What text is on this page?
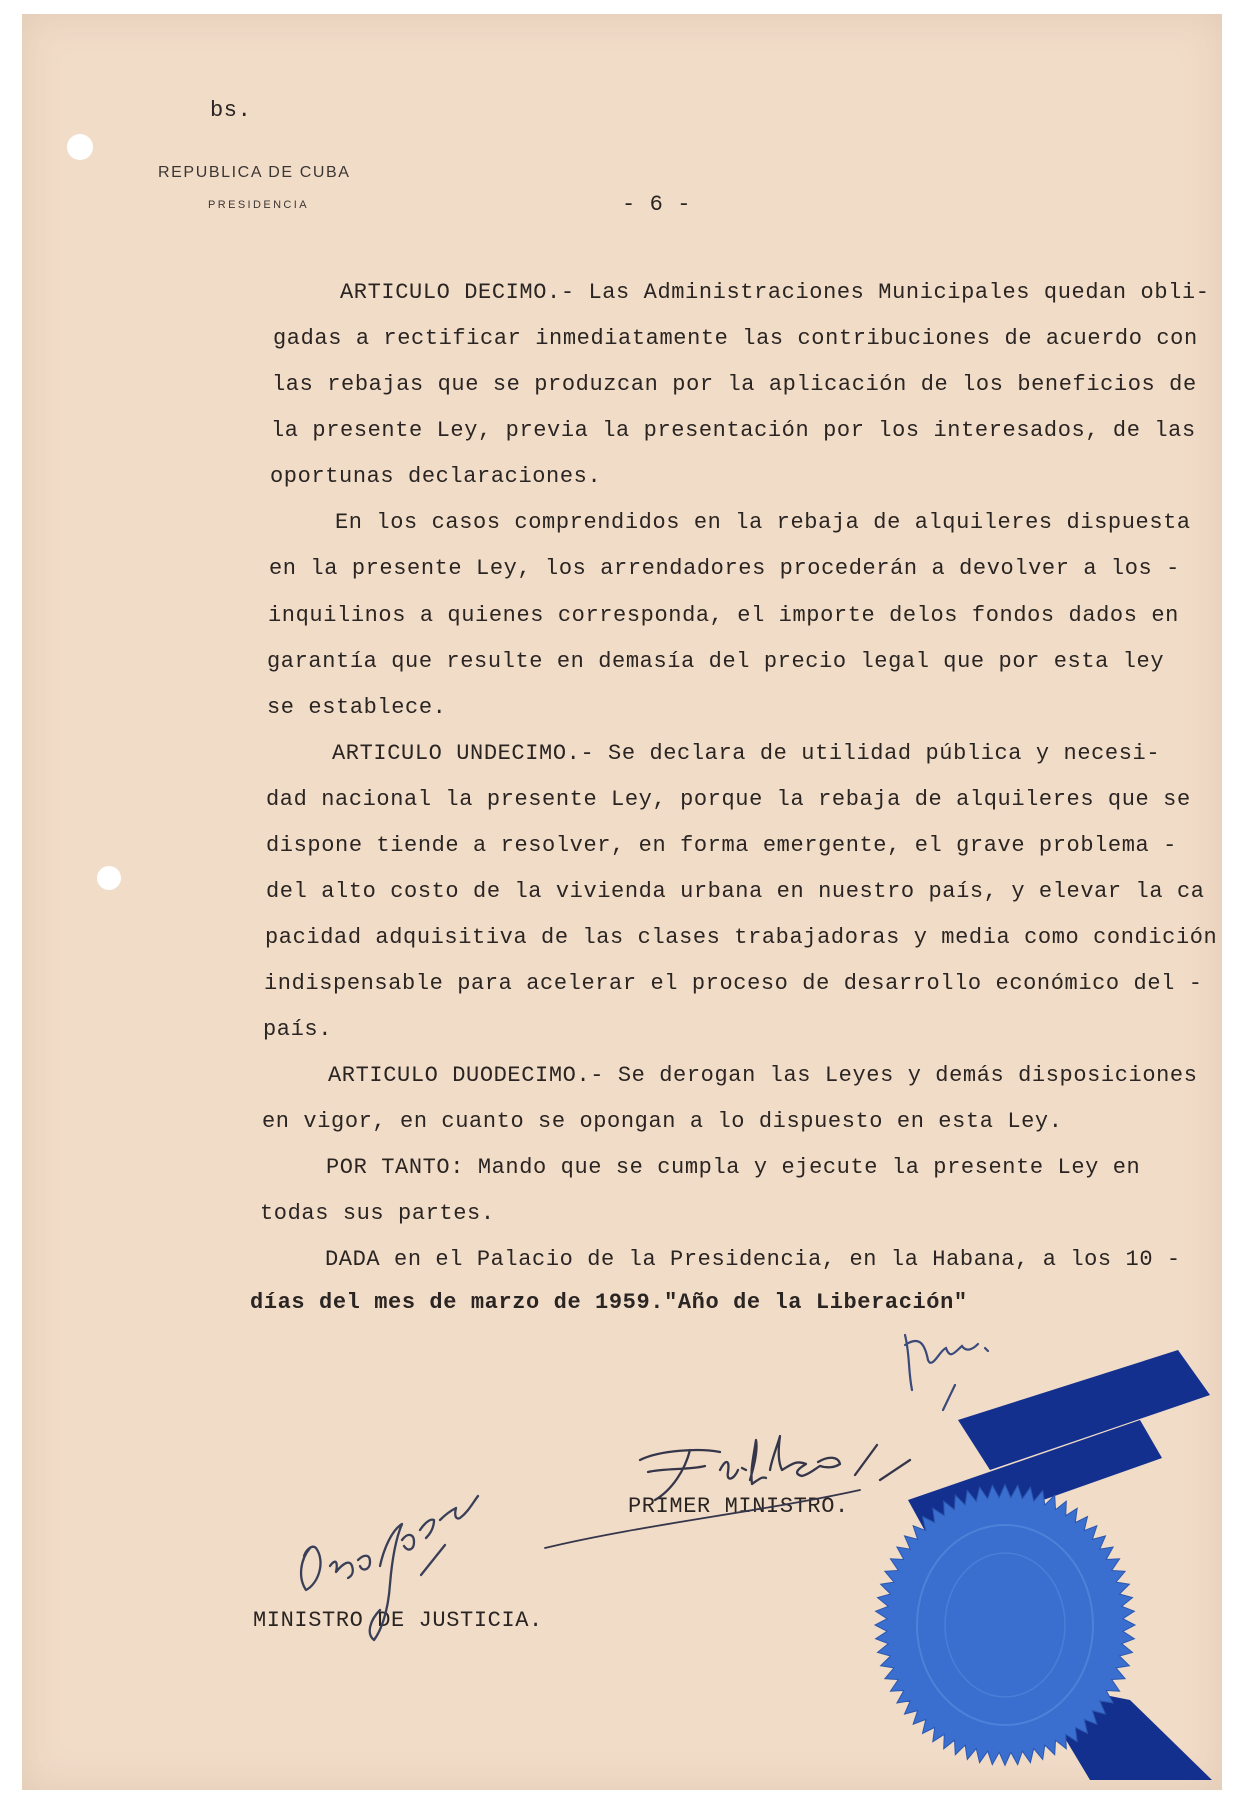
bs.
REPUBLICA DE CUBA
PRESIDENCIA	- 6 -
ARTICULO DECIMO.- Las Administraciones Municipales quedan obli-
gadas a rectificar inmediatamente las contribuciones de acuerdo con
las rebajas que se produzcan por la aplicación de los beneficios de
la presente Ley, previa la presentación por los interesados, de las
oportunas declaraciones.
En los casos comprendidos en la rebaja de alquileres dispuesta
en la presente Ley, los arrendadores procederán a devolver a los -
inquilinos a quienes corresponda, el importe delos fondos dados en
garantía que resulte en demasía del precio legal que por esta ley
se establece.
ARTICULO UNDECIMO.- Se declara de utilidad pública y necesi-
dad nacional la presente Ley, porque la rebaja de alquileres que se
dispone tiende a resolver, en forma emergente, el grave problema -
del alto costo de la vivienda urbana en nuestro país, y elevar la ca
pacidad adquisitiva de las clases trabajadoras y media como condición
indispensable para acelerar el proceso de desarrollo económico del -
país.
ARTICULO DUODECIMO.- Se derogan las Leyes y demás disposiciones
en vigor, en cuanto se opongan a lo dispuesto en esta Ley.
POR TANTO: Mando que se cumpla y ejecute la presente Ley en
todas sus partes.
DADA en el Palacio de la Presidencia, en la Habana, a los 10 -
días del mes de marzo de 1959."Año de la Liberación"
PRIMER MINISTRO.
MINISTRO DE JUSTICIA.
